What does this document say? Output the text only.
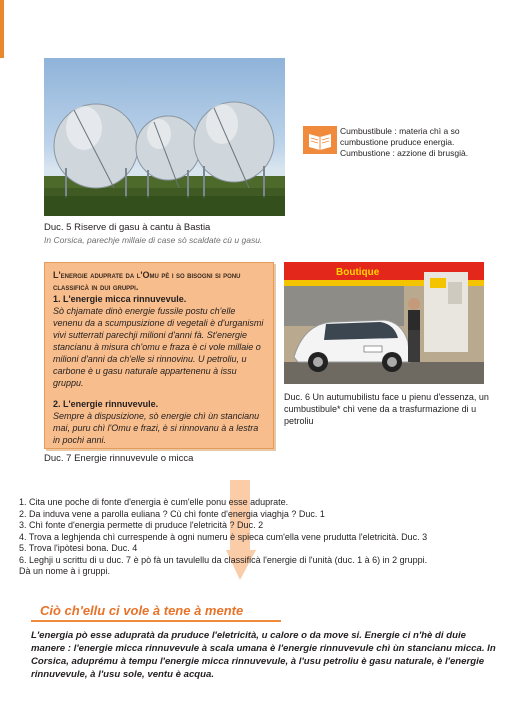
Duc. 5 Riserve di gasu à cantu à Bastia
In Corsica, parechje millaie di case sò scaldate cù u gasu.
Cumbustibule : materia chì a so cumbustione pruduce energia.
Cumbustione : azzione di brusgià.
L'energie aduprate da l'Omu pè i so bisogni si ponu classificà in dui gruppi.
1. L'energie micca rinnuvevule.
Sò chjamate dinò energie fussile postu ch'elle venenu da a scumpusizione di vegetali è d'urganismi vivi sutterrati parechji milioni d'anni fà. St'energie stancianu à misura ch'omu e fraza è ci vole millaie o milioni d'anni da ch'elle si rinnovinu. U petroliu, u carbone è u gasu naturale appartenenu à issu gruppu.
2. L'energie rinnuvevule.
Sempre à dispusizione, sò energie chì ùn stancianu mai, puru chì l'Omu e frazi, è si rinnovanu à a lestra in pochi anni.
Duc. 7 Energie rinnuvevule o micca
Boutique
Duc. 6 Un autumubilistu face u pienu d'essenza, un cumbustibule* chì vene da a trasfurmazione di u petroliu
1. Cita une poche di fonte d'energia è cum'elle ponu esse aduprate.
2. Da induva vene a parolla euliana ? Cù chì fonte d'energia viaghja ? Duc. 1
3. Chì fonte d'energia permette di pruduce l'eletricità ? Duc. 2
4. Trova a leghjenda chì currespende à ogni numeru è spieca cum'ella vene prudutta l'eletricità. Duc. 3
5. Trova l'ipòtesi bona. Duc. 4
6. Leghji u scrittu di u duc. 7 è pò fà un tavulellu da classificà l'energie di l'unità (duc. 1 à 6) in 2 gruppi.
Dà un nome à i gruppi.
Ciò ch'ellu ci vole à tene à mente
L'energia pò esse adupratà da pruduce l'eletricità, u calore o da move si. Energie ci n'hè di duie manere : l'energie micca rinnuvevule à scala umana è l'energie rinnuvevule chì ùn stancianu micca. In Corsica, aduprému à tempu l'energie micca rinnuvevule, à l'usu petroliu è gasu naturale, è l'energie rinnuvevule, à l'usu sole, ventu è acqua.
